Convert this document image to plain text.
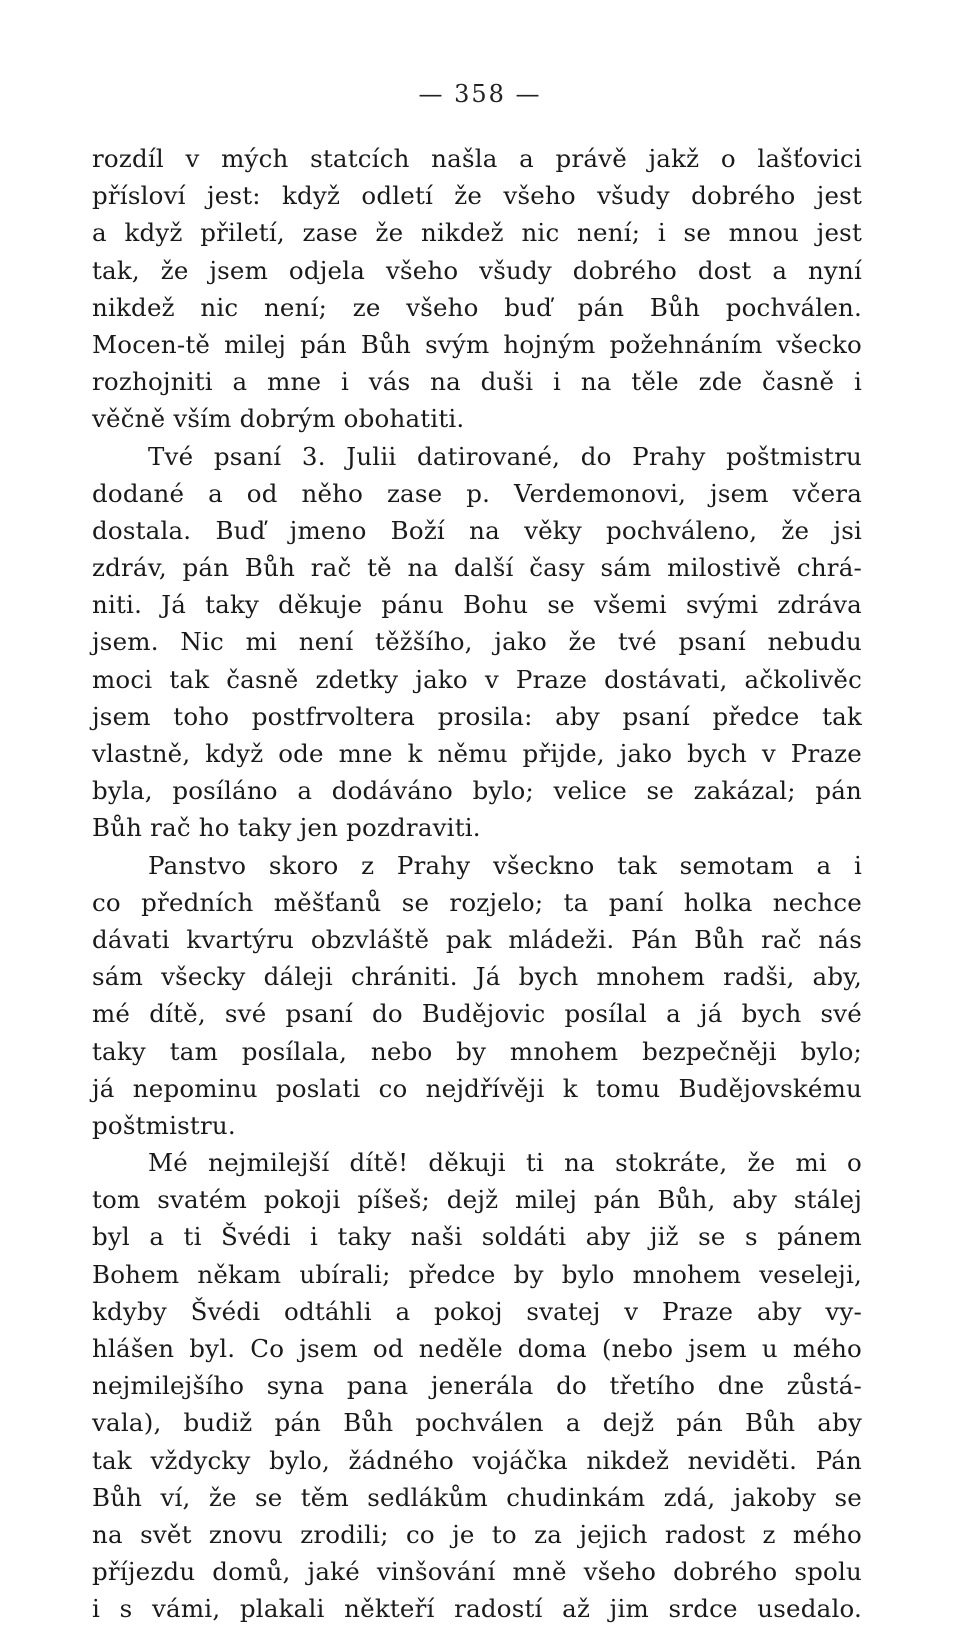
— 358 —
rozdíl v mých statcích našla a právě jakž o lašťovici
přísloví jest: když odletí že všeho všudy dobrého jest
a když přiletí, zase že nikdež nic není; i se mnou jest
tak, že jsem odjela všeho všudy dobrého dost a nyní
nikdež nic není; ze všeho buď pán Bůh pochválen.
Mocen-tě milej pán Bůh svým hojným požehnáním všecko
rozhojniti a mne i vás na duši i na těle zde časně i
věčně vším dobrým obohatiti.
Tvé psaní 3. Julii datirované, do Prahy poštmistru
dodané a od něho zase p. Verdemonovi, jsem včera
dostala. Buď jmeno Boží na věky pochváleno, že jsi
zdráv, pán Bůh rač tě na další časy sám milostivě chrá-
niti. Já taky děkuje pánu Bohu se všemi svými zdráva
jsem. Nic mi není těžšího, jako že tvé psaní nebudu
moci tak časně zdetky jako v Praze dostávati, ačkolivěc
jsem toho postfrvoltera prosila: aby psaní předce tak
vlastně, když ode mne k němu přijde, jako bych v Praze
byla, posíláno a dodáváno bylo; velice se zakázal; pán
Bůh rač ho taky jen pozdraviti.
Panstvo skoro z Prahy všeckno tak semotam a i
co předních měšťanů se rozjelo; ta paní holka nechce
dávati kvartýru obzvláště pak mládeži. Pán Bůh rač nás
sám všecky dáleji chrániti. Já bych mnohem radši, aby,
mé dítě, své psaní do Budějovic posílal a já bych své
taky tam posílala, nebo by mnohem bezpečněji bylo;
já nepominu poslati co nejdřívěji k tomu Budějovskému
poštmistru.
Mé nejmilejší dítě! děkuji ti na stokráte, že mi o
tom svatém pokoji píšeš; dejž milej pán Bůh, aby stálej
byl a ti Švédi i taky naši soldáti aby již se s pánem
Bohem někam ubírali; předce by bylo mnohem veseleji,
kdyby Švédi odtáhli a pokoj svatej v Praze aby vy-
hlášen byl. Co jsem od neděle doma (nebo jsem u mého
nejmilejšího syna pana jenerála do třetího dne zůstá-
vala), budiž pán Bůh pochválen a dejž pán Bůh aby
tak vždycky bylo, žádného vojáčka nikdež neviděti. Pán
Bůh ví, že se těm sedlákům chudinkám zdá, jakoby se
na svět znovu zrodili; co je to za jejich radost z mého
příjezdu domů, jaké vinšování mně všeho dobrého spolu
i s vámi, plakali někteří radostí až jim srdce usedalo.
